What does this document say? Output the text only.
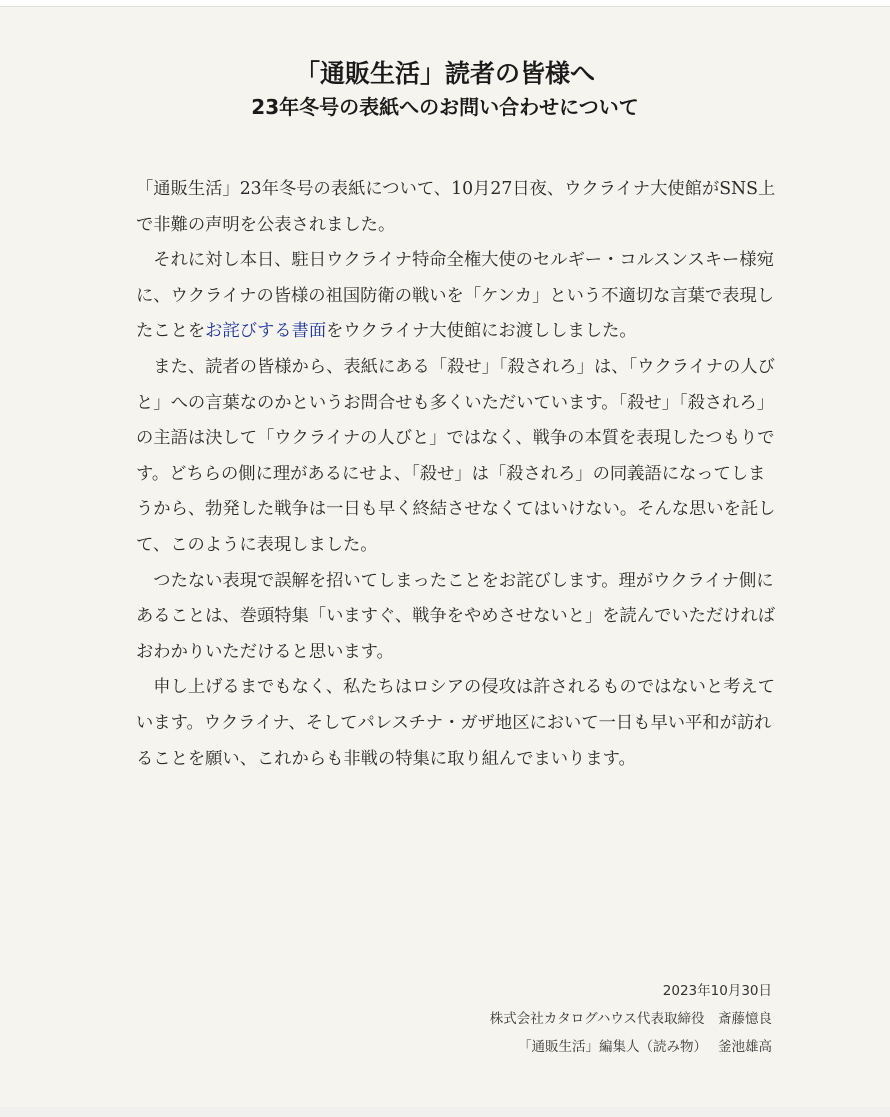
「通販生活」読者の皆様へ
23年冬号の表紙へのお問い合わせについて

「通販生活」23年冬号の表紙について、10月27日夜、ウクライナ大使館がSNS上で非難の声明を公表されました。

それに対し本日、駐日ウクライナ特命全権大使のセルギー・コルスンスキー様宛に、ウクライナの皆様の祖国防衛の戦いを「ケンカ」という不適切な言葉で表現したことをお詫びする書面をウクライナ大使館にお渡ししました。

また、読者の皆様から、表紙にある「殺せ」「殺されろ」は、「ウクライナの人びと」への言葉なのかというお問合せも多くいただいています。「殺せ」「殺されろ」の主語は決して「ウクライナの人びと」ではなく、戦争の本質を表現したつもりです。どちらの側に理があるにせよ、「殺せ」は「殺されろ」の同義語になってしまうから、勃発した戦争は一日も早く終結させなくてはいけない。そんな思いを託して、このように表現しました。

つたない表現で誤解を招いてしまったことをお詫びします。理がウクライナ側にあることは、巻頭特集「いますぐ、戦争をやめさせないと」を読んでいただければおわかりいただけると思います。

申し上げるまでもなく、私たちはロシアの侵攻は許されるものではないと考えています。ウクライナ、そしてパレスチナ・ガザ地区において一日も早い平和が訪れることを願い、これからも非戦の特集に取り組んでまいります。

2023年10月30日
株式会社カタログハウス代表取締役　斎藤憶良
「通販生活」編集人（読み物）　 釜池雄高
